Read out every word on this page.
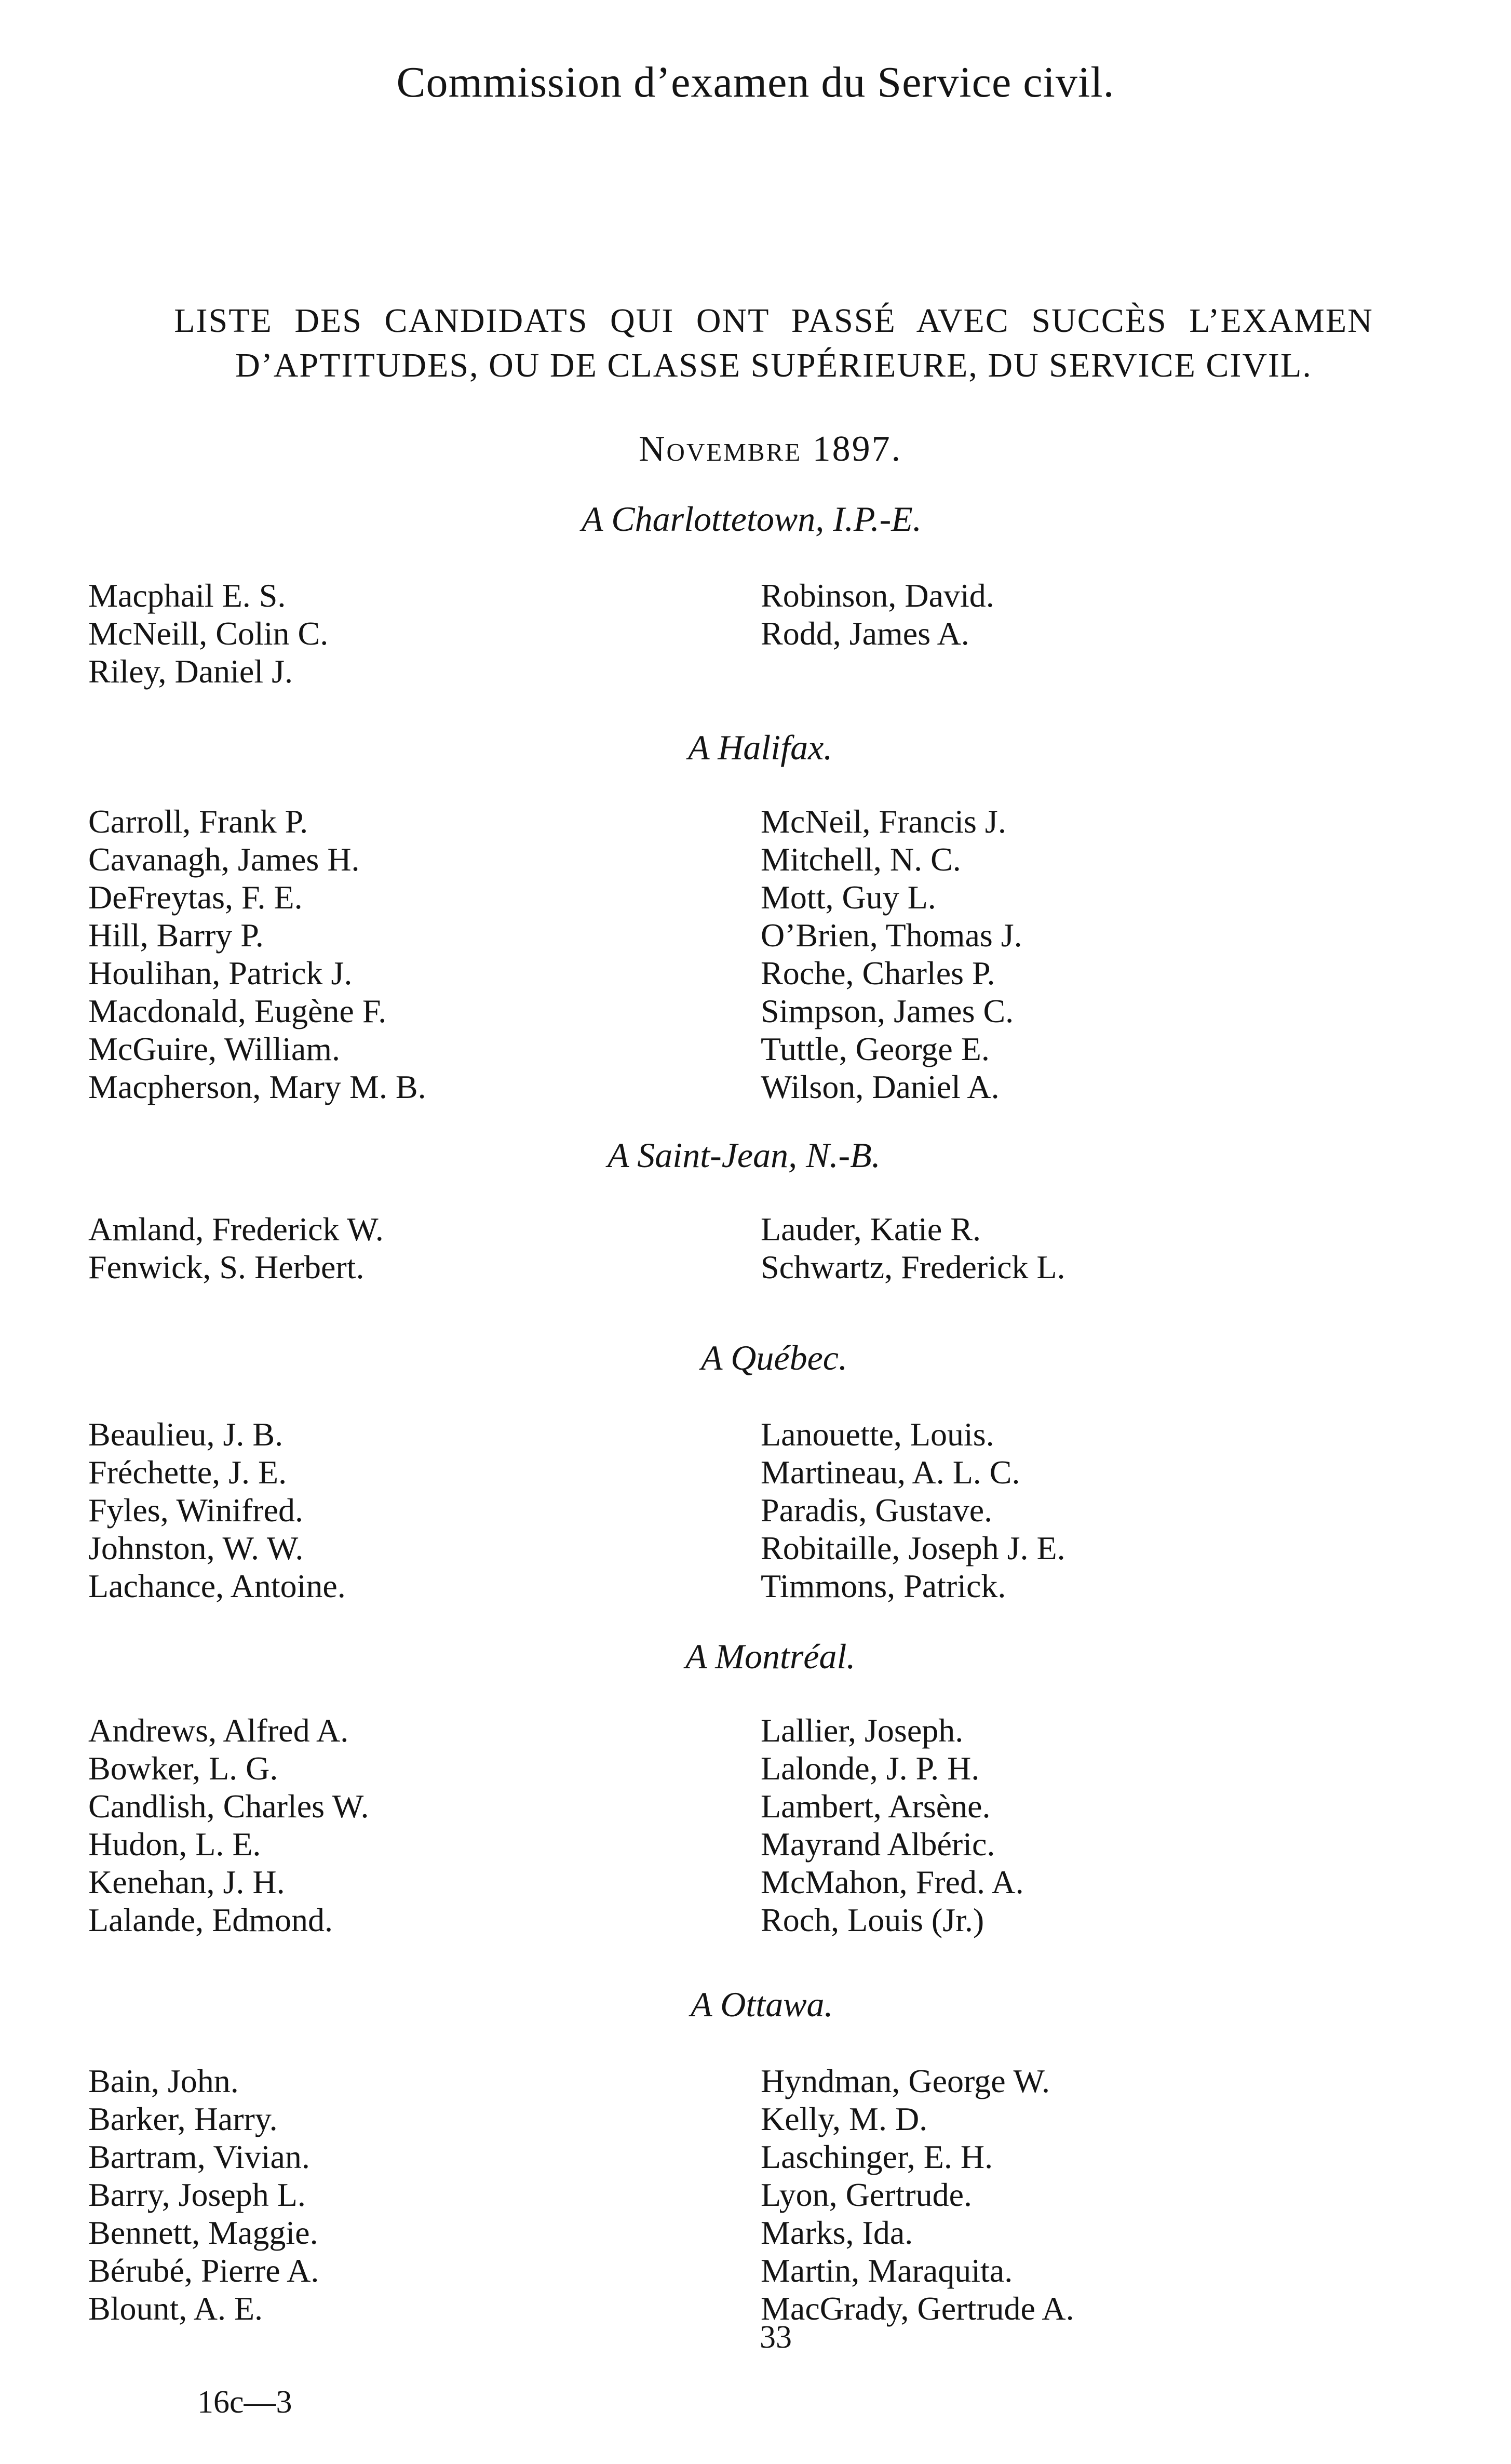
Commission d’examen du Service civil.
LISTE DES CANDIDATS QUI ONT PASSÉ AVEC SUCCÈS L’EXAMEN
D’APTITUDES, OU DE CLASSE SUPÉRIEURE, DU SERVICE CIVIL.
Novembre 1897.
A Charlottetown, I.P.-E.
Macphail E. S.
McNeill, Colin C.
Riley, Daniel J.
Robinson, David.
Rodd, James A.
A Halifax.
Carroll, Frank P.
Cavanagh, James H.
DeFreytas, F. E.
Hill, Barry P.
Houlihan, Patrick J.
Macdonald, Eugène F.
McGuire, William.
Macpherson, Mary M. B.
McNeil, Francis J.
Mitchell, N. C.
Mott, Guy L.
O’Brien, Thomas J.
Roche, Charles P.
Simpson, James C.
Tuttle, George E.
Wilson, Daniel A.
A Saint-Jean, N.-B.
Amland, Frederick W.
Fenwick, S. Herbert.
Lauder, Katie R.
Schwartz, Frederick L.
A Québec.
Beaulieu, J. B.
Fréchette, J. E.
Fyles, Winifred.
Johnston, W. W.
Lachance, Antoine.
Lanouette, Louis.
Martineau, A. L. C.
Paradis, Gustave.
Robitaille, Joseph J. E.
Timmons, Patrick.
A Montréal.
Andrews, Alfred A.
Bowker, L. G.
Candlish, Charles W.
Hudon, L. E.
Kenehan, J. H.
Lalande, Edmond.
Lallier, Joseph.
Lalonde, J. P. H.
Lambert, Arsène.
Mayrand Albéric.
McMahon, Fred. A.
Roch, Louis (Jr.)
A Ottawa.
Bain, John.
Barker, Harry.
Bartram, Vivian.
Barry, Joseph L.
Bennett, Maggie.
Bérubé, Pierre A.
Blount, A. E.
Hyndman, George W.
Kelly, M. D.
Laschinger, E. H.
Lyon, Gertrude.
Marks, Ida.
Martin, Maraquita.
MacGrady, Gertrude A.
33
16c—3
